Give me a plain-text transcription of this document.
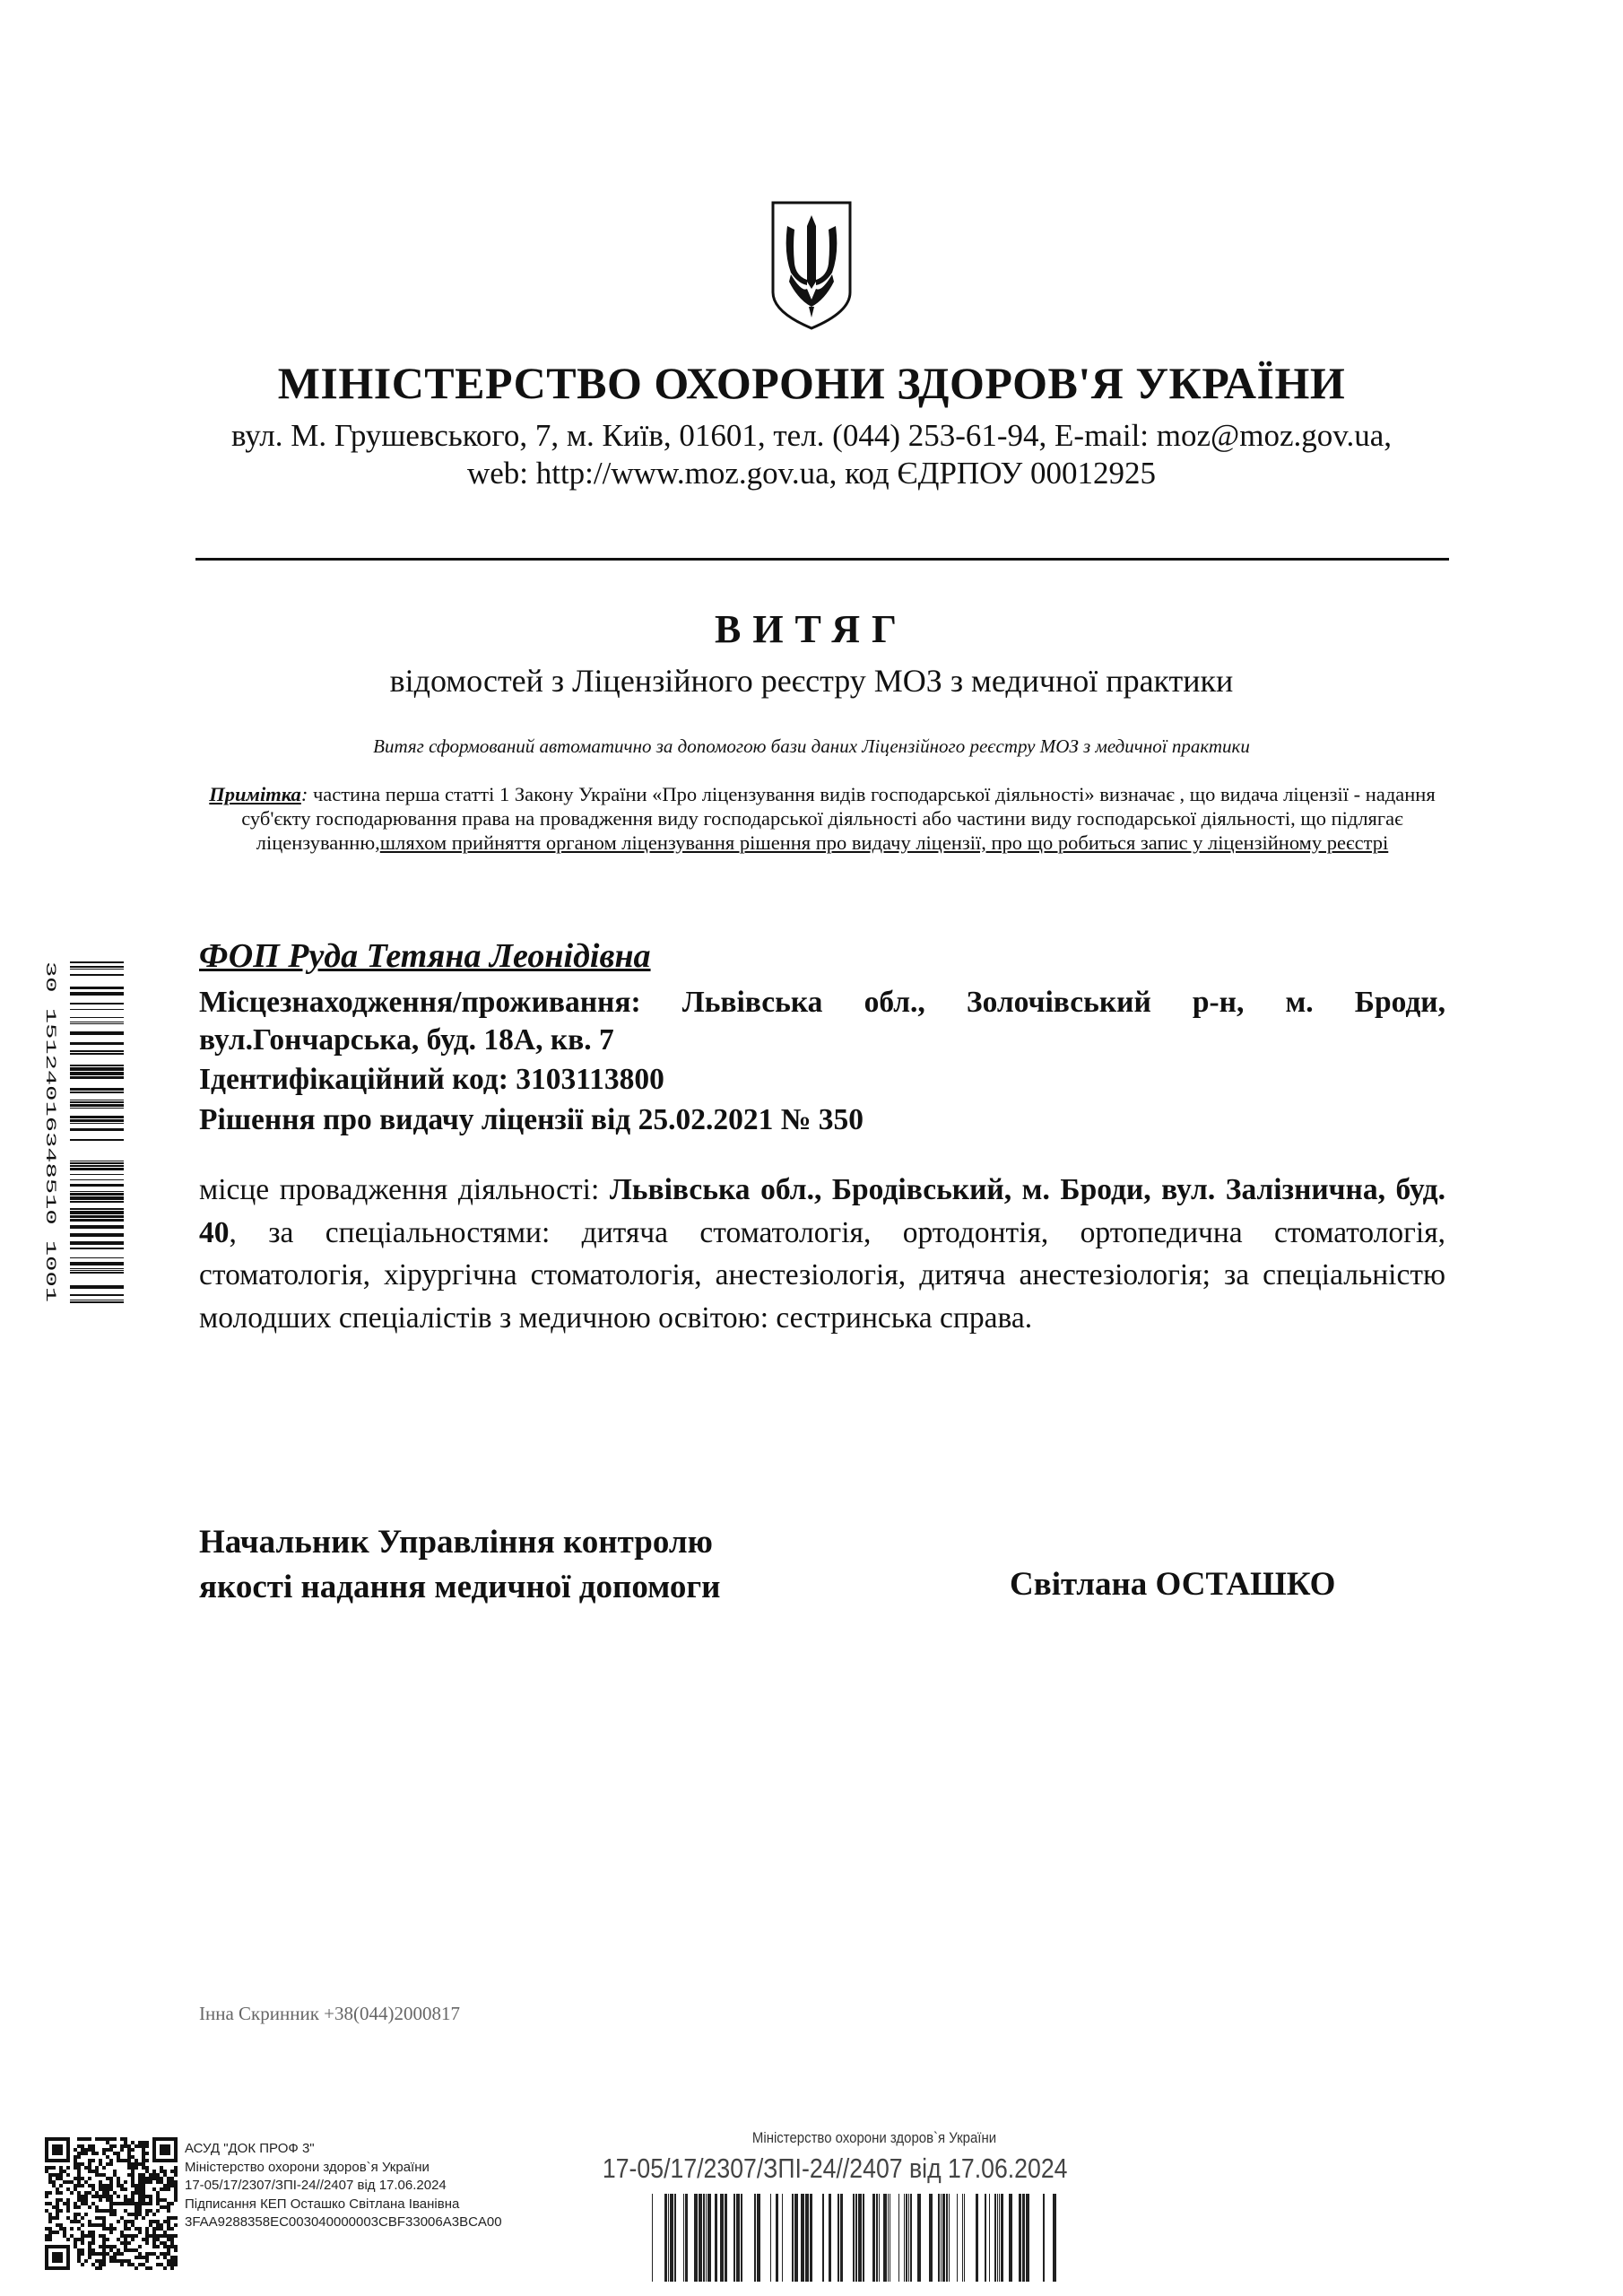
МІНІСТЕРСТВО ОХОРОНИ ЗДОРОВ'Я УКРАЇНИ
вул. М. Грушевського, 7, м. Київ, 01601, тел. (044) 253-61-94, E-mail: moz@moz.gov.ua,
web: http://www.moz.gov.ua, код ЄДРПОУ 00012925
ВИТЯГ
відомостей з Ліцензійного реєстру МОЗ з медичної практики
Витяг сформований автоматично за допомогою бази даних Ліцензійного реєстру МОЗ з медичної практики
Примітка: частина перша статті 1 Закону України «Про ліцензування видів господарської діяльності» визначає , що видача ліцензії - надання суб'єкту господарювання права на провадження виду господарської діяльності або частини виду господарської діяльності, що підлягає ліцензуванню,шляхом прийняття органом ліцензування рішення про видачу ліцензії, про що робиться запис у ліцензійному реєстрі
ФОП Руда Тетяна Леонідівна
Місцезнаходження/проживання: Львівська обл., Золочівський р-н, м. Броди,
вул.Гончарська, буд. 18А, кв. 7
Ідентифікаційний код: 3103113800
Рішення про видачу ліцензії від 25.02.2021 № 350
місце провадження діяльності: Львівська обл., Бродівський, м. Броди, вул. Залізнична, буд. 40, за спеціальностями: дитяча стоматологія, ортодонтія, ортопедична стоматологія, стоматологія, хірургічна стоматологія, анестезіологія, дитяча анестезіологія; за спеціальністю молодших спеціалістів з медичною освітою: сестринська справа.
Начальник Управління контролю
якості надання медичної допомоги	Світлана ОСТАШКО
Інна Скринник +38(044)2000817
30 15124016348510 1001
АСУД "ДОК ПРОФ 3"
Міністерство охорони здоров`я України
17-05/17/2307/ЗПІ-24//2407 від 17.06.2024
Підписання КЕП Осташко Світлана Іванівна
3FAA9288358EC003040000003CBF33006A3BCA00
Міністерство охорони здоров`я України
17-05/17/2307/ЗПІ-24//2407 від 17.06.2024
